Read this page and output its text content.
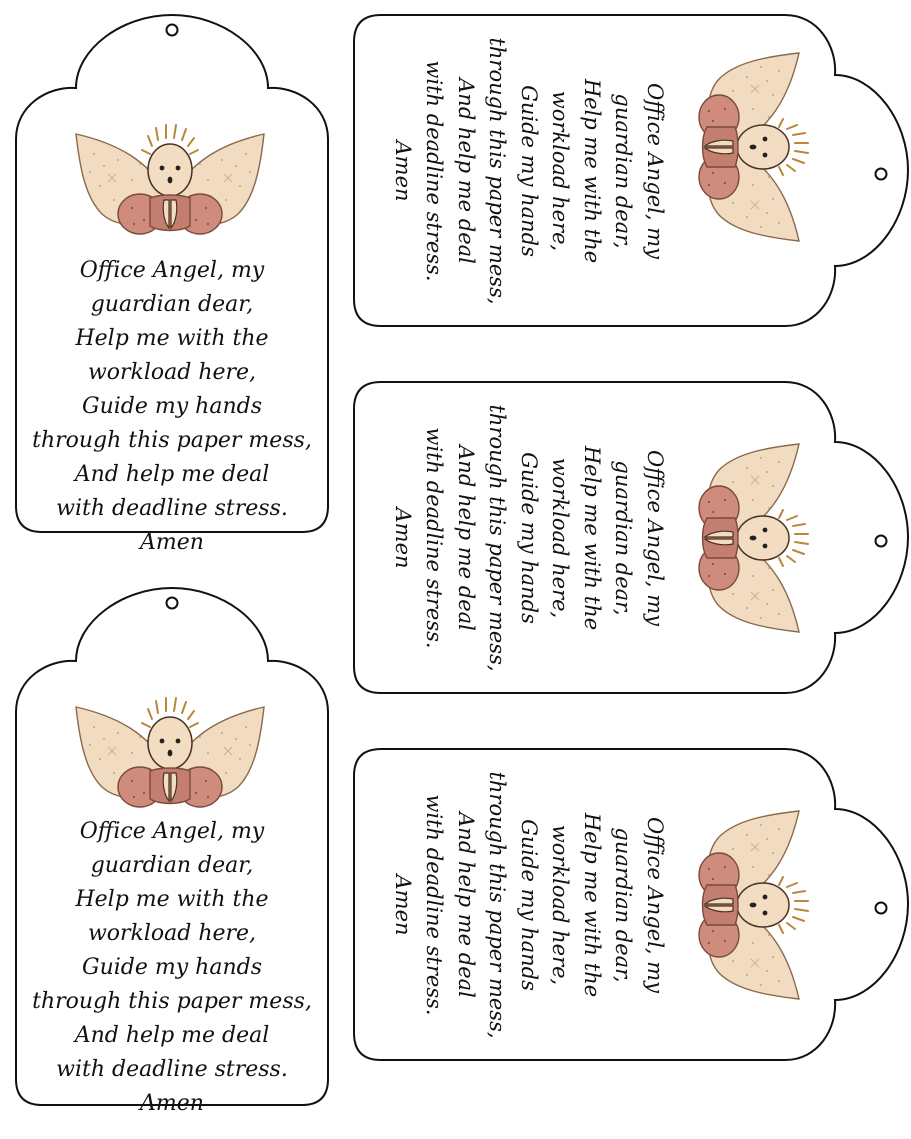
Office Angel, my
guardian dear,
Help me with the
workload here,
Guide my hands
through this paper mess,
And help me deal
with deadline stress.
Amen
Office Angel, my
guardian dear,
Help me with the
workload here,
Guide my hands
through this paper mess,
And help me deal
with deadline stress.
Amen
Office Angel, my
guardian dear,
Help me with the
workload here,
Guide my hands
through this paper mess,
And help me deal
with deadline stress.
Amen
Office Angel, my
guardian dear,
Help me with the
workload here,
Guide my hands
through this paper mess,
And help me deal
with deadline stress.
Amen
Office Angel, my
guardian dear,
Help me with the
workload here,
Guide my hands
through this paper mess,
And help me deal
with deadline stress.
Amen
